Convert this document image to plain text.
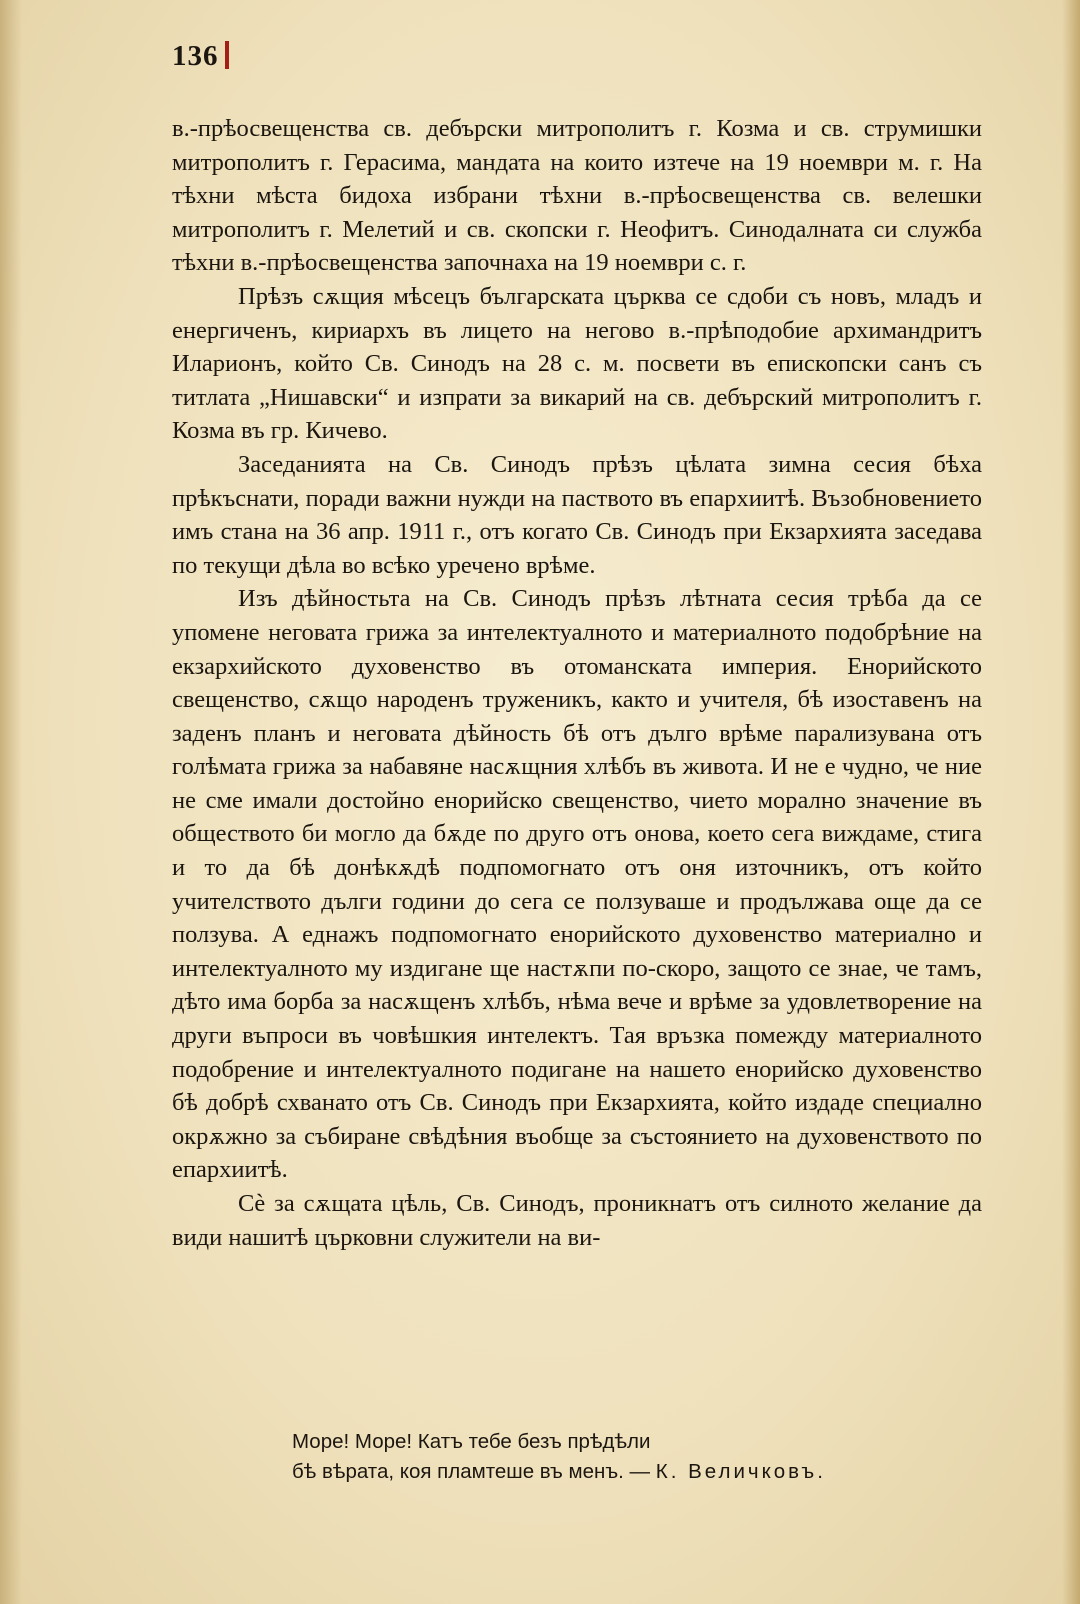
136

в.-прѣосвещенства св. дебърски митрополитъ г. Козма и св. струмишки митрополитъ г. Герасима, мандата на които изтече на 19 ноември м. г. На тѣхни мѣста бидоха избрани тѣхни в.-прѣосвещенства св. велешки митрополитъ г. Мелетий и св. скопски г. Неофитъ. Синодалната си служба тѣхни в.-прѣосвещенства започнаха на 19 ноември с. г.

Прѣзъ сѫщия мѣсецъ българската църква се сдоби съ новъ, младъ и енергиченъ, кириархъ въ лицето на негово в.-прѣподобие архимандритъ Иларионъ, който Св. Синодъ на 28 с. м. посвети въ епископски санъ съ титлата „Нишавски“ и изпрати за викарий на св. дебърский митрополитъ г. Козма въ гр. Кичево.

Заседанията на Св. Синодъ прѣзъ цѣлата зимна сесия бѣха прѣкъснати, поради важни нужди на паството въ епархиитѣ. Възобновението имъ стана на 36 апр. 1911 г., отъ когато Св. Синодъ при Екзархията заседава по текущи дѣла во всѣко уречено врѣме.

Изъ дѣйностьта на Св. Синодъ прѣзъ лѣтната сесия трѣба да се упомене неговата грижа за интелектуалното и материалното подобрѣние на екзархийското духовенство въ отоманската империя. Енорийското свещенство, сѫщо народенъ труженикъ, както и учителя, бѣ изоставенъ на заденъ планъ и неговата дѣйность бѣ отъ дълго врѣме парализувана отъ голѣмата грижа за набавяне насѫщния хлѣбъ въ живота. И не е чудно, че ние не сме имали достойно енорийско свещенство, чието морално значение въ обществото би могло да бѫде по друго отъ онова, което сега виждаме, стига и то да бѣ донѣкѫдѣ подпомогнато отъ оня източникъ, отъ който учителството дълги години до сега се ползуваше и продължава още да се ползува. А еднажъ подпомогнато енорийското духовенство материално и интелектуалното му издигане ще настѫпи по-скоро, защото се знае, че тамъ, дѣто има борба за насѫщенъ хлѣбъ, нѣма вече и врѣме за удовлетворение на други въпроси въ човѣшкия интелектъ. Тая връзка помежду материалното подобрение и интелектуалното подигане на нашето енорийско духовенство бѣ добрѣ схванато отъ Св. Синодъ при Екзархията, който издаде специално окрѫжно за събиране свѣдѣния въобще за състоянието на духовенството по епархиитѣ.

Сѐ за сѫщата цѣль, Св. Синодъ, проникнатъ отъ силното желание да види нашитѣ църковни служители на ви-

Море! Море! Катъ тебе безъ прѣдѣли
бѣ вѣрата, коя пламтеше въ менъ. — К. Величковъ.
